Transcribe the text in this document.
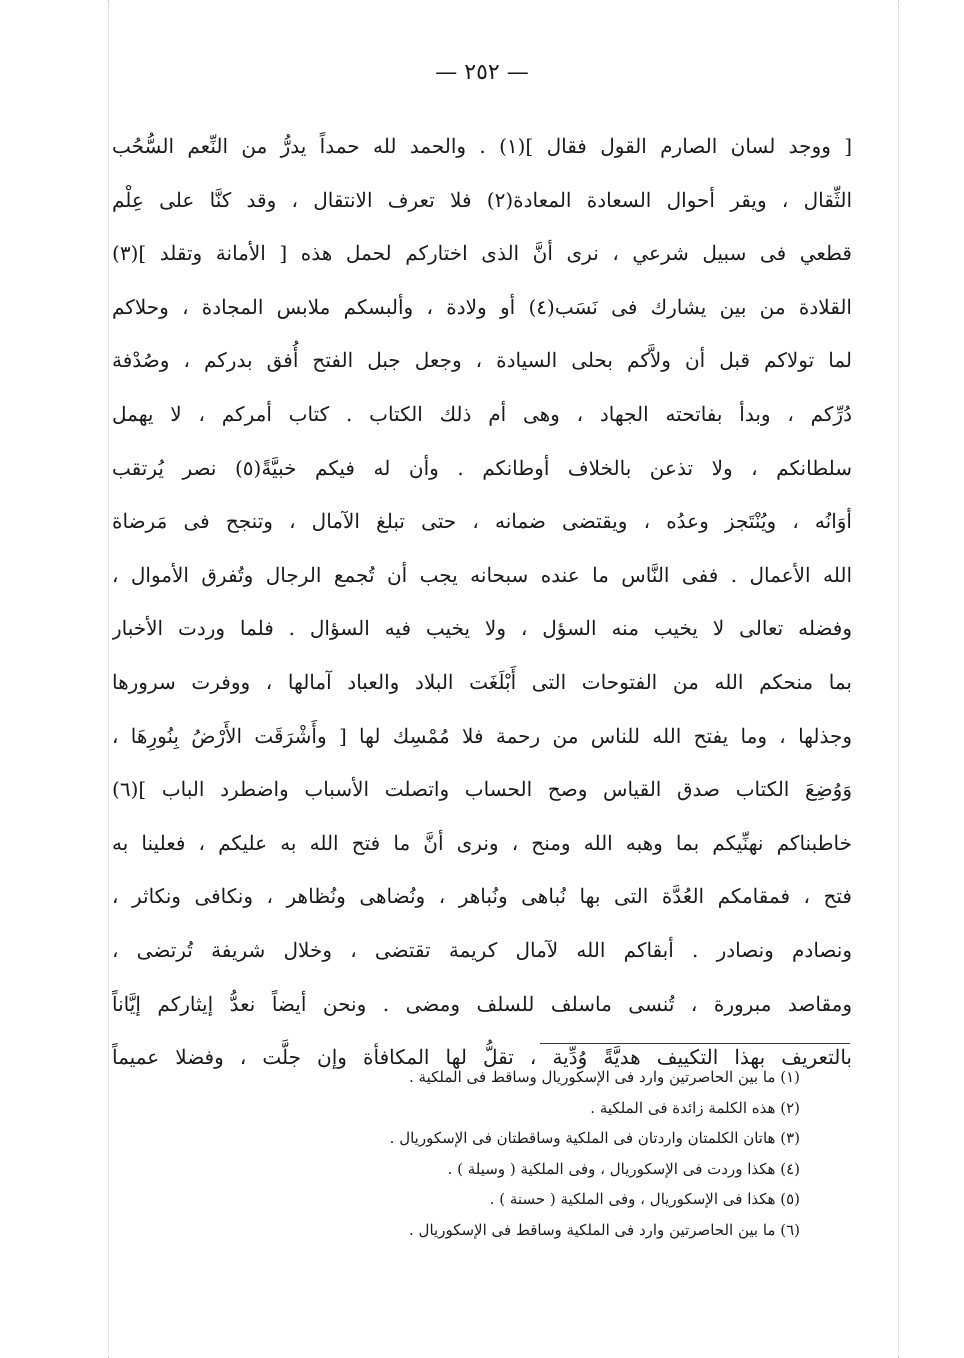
— ٢٥٢ —
[ ووجد لسان الصارم القول فقال ](١) . والحمد لله حمداً يدرُّ من النِّعم السُّحُب
الثِّقال ، ويقر أحوال السعادة المعادة(٢) فلا تعرف الانتقال ، وقد كنَّا على عِلْم
قطعي فى سبيل شرعي ، نرى أنَّ الذى اختاركم لحمل هذه [ الأمانة وتقلد ](٣)
القلادة من بين يشارك فى نَسَب(٤) أو ولادة ، وألبسكم ملابس المجادة ، وحلاكم
لما تولاكم قبل أن ولاَّكم بحلى السيادة ، وجعل جبل الفتح أُفق بدركم ، وصُدْفة
دُرِّكم ، وبدأ بفاتحته الجهاد ، وهى أم ذلك الكتاب . كتاب أمركم ، لا يهمل
سلطانكم ، ولا تذعن بالخلاف أوطانكم . وأن له فيكم خبيَّةً(٥) نصر يُرتقب
أوَانُه ، ويُنْتَجز وعدُه ، ويقتضى ضمانه ، حتى تبلغ الآمال ، وتنجح فى مَرضاة
الله الأعمال . ففى النَّاس ما عنده سبحانه يجب أن تُجمع الرجال وتُفرق الأموال ،
وفضله تعالى لا يخيب منه السؤل ، ولا يخيب فيه السؤال . فلما وردت الأخبار
بما منحكم الله من الفتوحات التى أَبْلَغَت البلاد والعباد آمالها ، ووفرت سرورها
وجذلها ، وما يفتح الله للناس من رحمة فلا مُمْسِك لها [ وأَشْرَقَت الأَرْضُ بِنُورِهَا ،
وَوُضِعَ الكتاب صدق القياس وصح الحساب واتصلت الأسباب واضطرد الباب ](٦)
خاطبناكم نهنِّيكم بما وهبه الله ومنح ، ونرى أنَّ ما فتح الله به عليكم ، فعلينا به
فتح ، فمقامكم العُدَّة التى بها نُباهى ونُباهر ، ونُضاهى ونُظاهر ، ونكافى ونكاثر ،
ونصادم ونصادر . أبقاكم الله لآمال كريمة تقتضى ، وخلال شريفة تُرتضى ،
ومقاصد مبرورة ، تُنسى ماسلف للسلف ومضى . ونحن أيضاً نعدُّ إيثاركم إيَّاناً
بالتعريف بهذا التكييف هديَّةً وُدِّية ، تقلُّ لها المكافأة وإن جلَّت ، وفضلا عميماً
(١) ما بين الحاصرتين وارد فى الإسكوريال وساقط فى الملكية .
(٢) هذه الكلمة زائدة فى الملكية .
(٣) هاتان الكلمتان واردتان فى الملكية وساقطتان فى الإسكوريال .
(٤) هكذا وردت فى الإسكوريال ، وفى الملكية ( وسيلة ) .
(٥) هكذا فى الإسكوريال ، وفى الملكية ( حسنة ) .
(٦) ما بين الحاصرتين وارد فى الملكية وساقط فى الإسكوريال .
